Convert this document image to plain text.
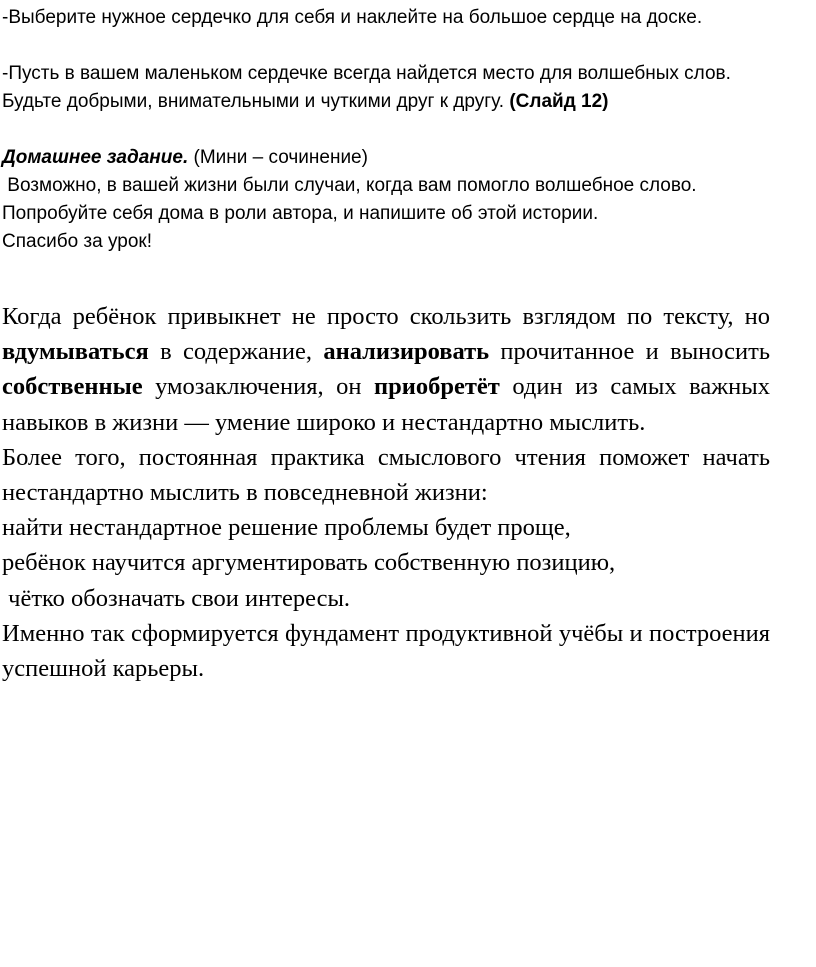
-Выберите нужное сердечко для себя и наклейте на большое сердце на доске.

-Пусть в вашем маленьком сердечке всегда найдется место для волшебных слов. Будьте добрыми, внимательными и чуткими друг к другу. (Слайд 12)

Домашнее задание. (Мини – сочинение)

Возможно, в вашей жизни были случаи, когда вам помогло волшебное слово. Попробуйте себя дома в роли автора, и напишите об этой истории.

Спасибо за урок!

Когда ребёнок привыкнет не просто скользить взглядом по тексту, но вдумываться в содержание, анализировать прочитанное и выносить собственные умозаключения, он приобретёт один из самых важных навыков в жизни — умение широко и нестандартно мыслить.

Более того, постоянная практика смыслового чтения поможет начать нестандартно мыслить в повседневной жизни:

найти нестандартное решение проблемы будет проще,

ребёнок научится аргументировать собственную позицию,

чётко обозначать свои интересы.

Именно так сформируется фундамент продуктивной учёбы и построения успешной карьеры.
